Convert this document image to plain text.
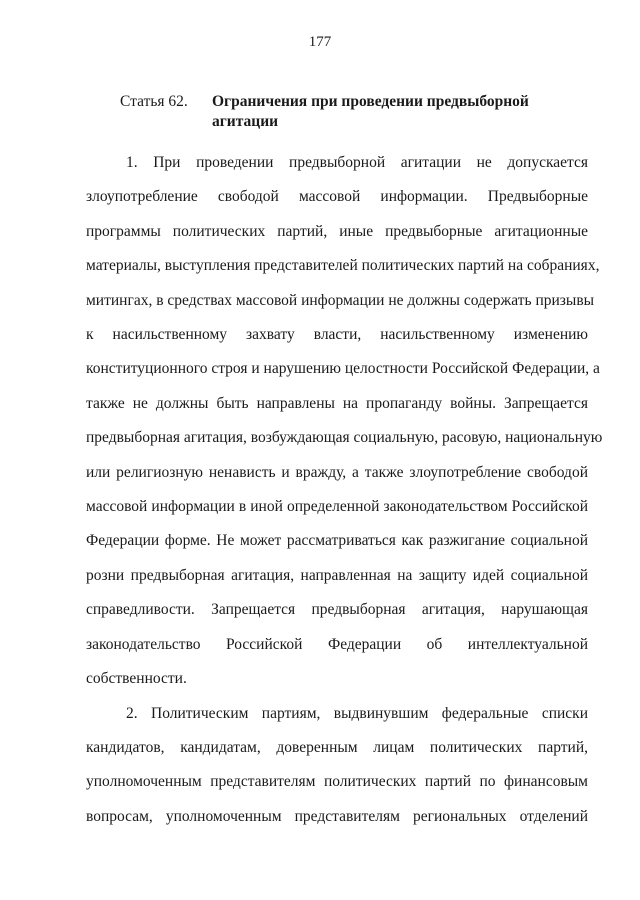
177
Статья 62. Ограничения при проведении предвыборной
агитации
1. При проведении предвыборной агитации не допускается
злоупотребление свободой массовой информации. Предвыборные
программы политических партий, иные предвыборные агитационные
материалы, выступления представителей политических партий на собраниях,
митингах, в средствах массовой информации не должны содержать призывы
к насильственному захвату власти, насильственному изменению
конституционного строя и нарушению целостности Российской Федерации, а
также не должны быть направлены на пропаганду войны. Запрещается
предвыборная агитация, возбуждающая социальную, расовую, национальную
или религиозную ненависть и вражду, а также злоупотребление свободой
массовой информации в иной определенной законодательством Российской
Федерации форме. Не может рассматриваться как разжигание социальной
розни предвыборная агитация, направленная на защиту идей социальной
справедливости. Запрещается предвыборная агитация, нарушающая
законодательство Российской Федерации об интеллектуальной
собственности.
2. Политическим партиям, выдвинувшим федеральные списки
кандидатов, кандидатам, доверенным лицам политических партий,
уполномоченным представителям политических партий по финансовым
вопросам, уполномоченным представителям региональных отделений
